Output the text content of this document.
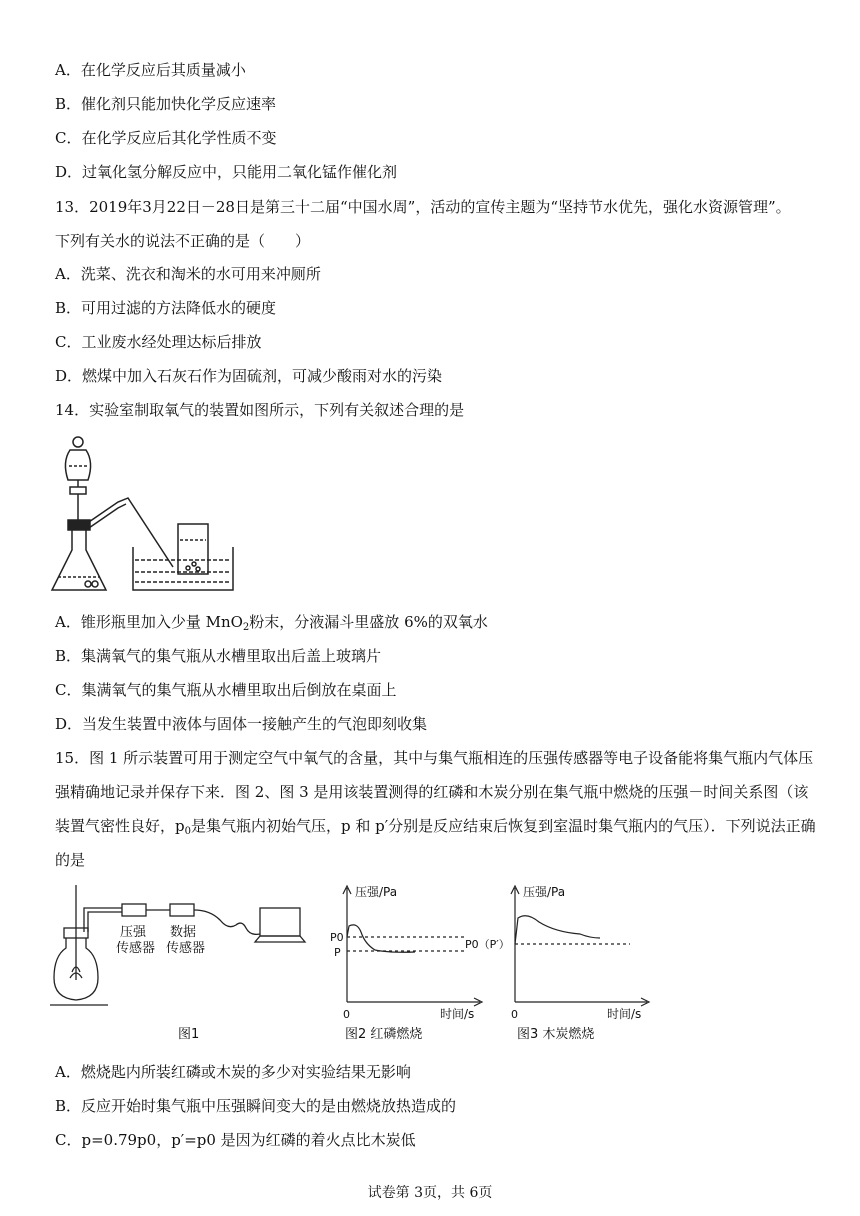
A．在化学反应后其质量减小
B．催化剂只能加快化学反应速率
C．在化学反应后其化学性质不变
D．过氧化氢分解反应中，只能用二氧化锰作催化剂
13．2019年3月22日－28日是第三十二届“中国水周”，活动的宣传主题为“坚持节水优先，强化水资源管理”。下列有关水的说法不正确的是（　　）
A．洗菜、洗衣和淘米的水可用来冲厕所
B．可用过滤的方法降低水的硬度
C．工业废水经处理达标后排放
D．燃煤中加入石灰石作为固硫剂，可减少酸雨对水的污染
14．实验室制取氧气的装置如图所示，下列有关叙述合理的是
A．锥形瓶里加入少量 MnO$_2$粉末，分液漏斗里盛放 6%的双氧水
B．集满氧气的集气瓶从水槽里取出后盖上玻璃片
C．集满氧气的集气瓶从水槽里取出后倒放在桌面上
D．当发生装置中液体与固体一接触产生的气泡即刻收集
15．图 1 所示装置可用于测定空气中氧气的含量，其中与集气瓶相连的压强传感器等电子设备能将集气瓶内气体压
强精确地记录并保存下来．图 2、图 3 是用该装置测得的红磷和木炭分别在集气瓶中燃烧的压强－时间关系图（该
装置气密性良好，$p_0$是集气瓶内初始气压，p 和 p′分别是反应结束后恢复到室温时集气瓶内的气压）．下列说法正确
的是
压强
传感器
数据
传感器
图1
压强/Pa
P0
P
0	时间/s
图2 红磷燃烧
压强/Pa
P0（P′）
0	时间/s
图3 木炭燃烧
A．燃烧匙内所装红磷或木炭的多少对实验结果无影响
B．反应开始时集气瓶中压强瞬间变大的是由燃烧放热造成的
C．p=0.79p0，p′=p0 是因为红磷的着火点比木炭低
试卷第 3页，共 6页
